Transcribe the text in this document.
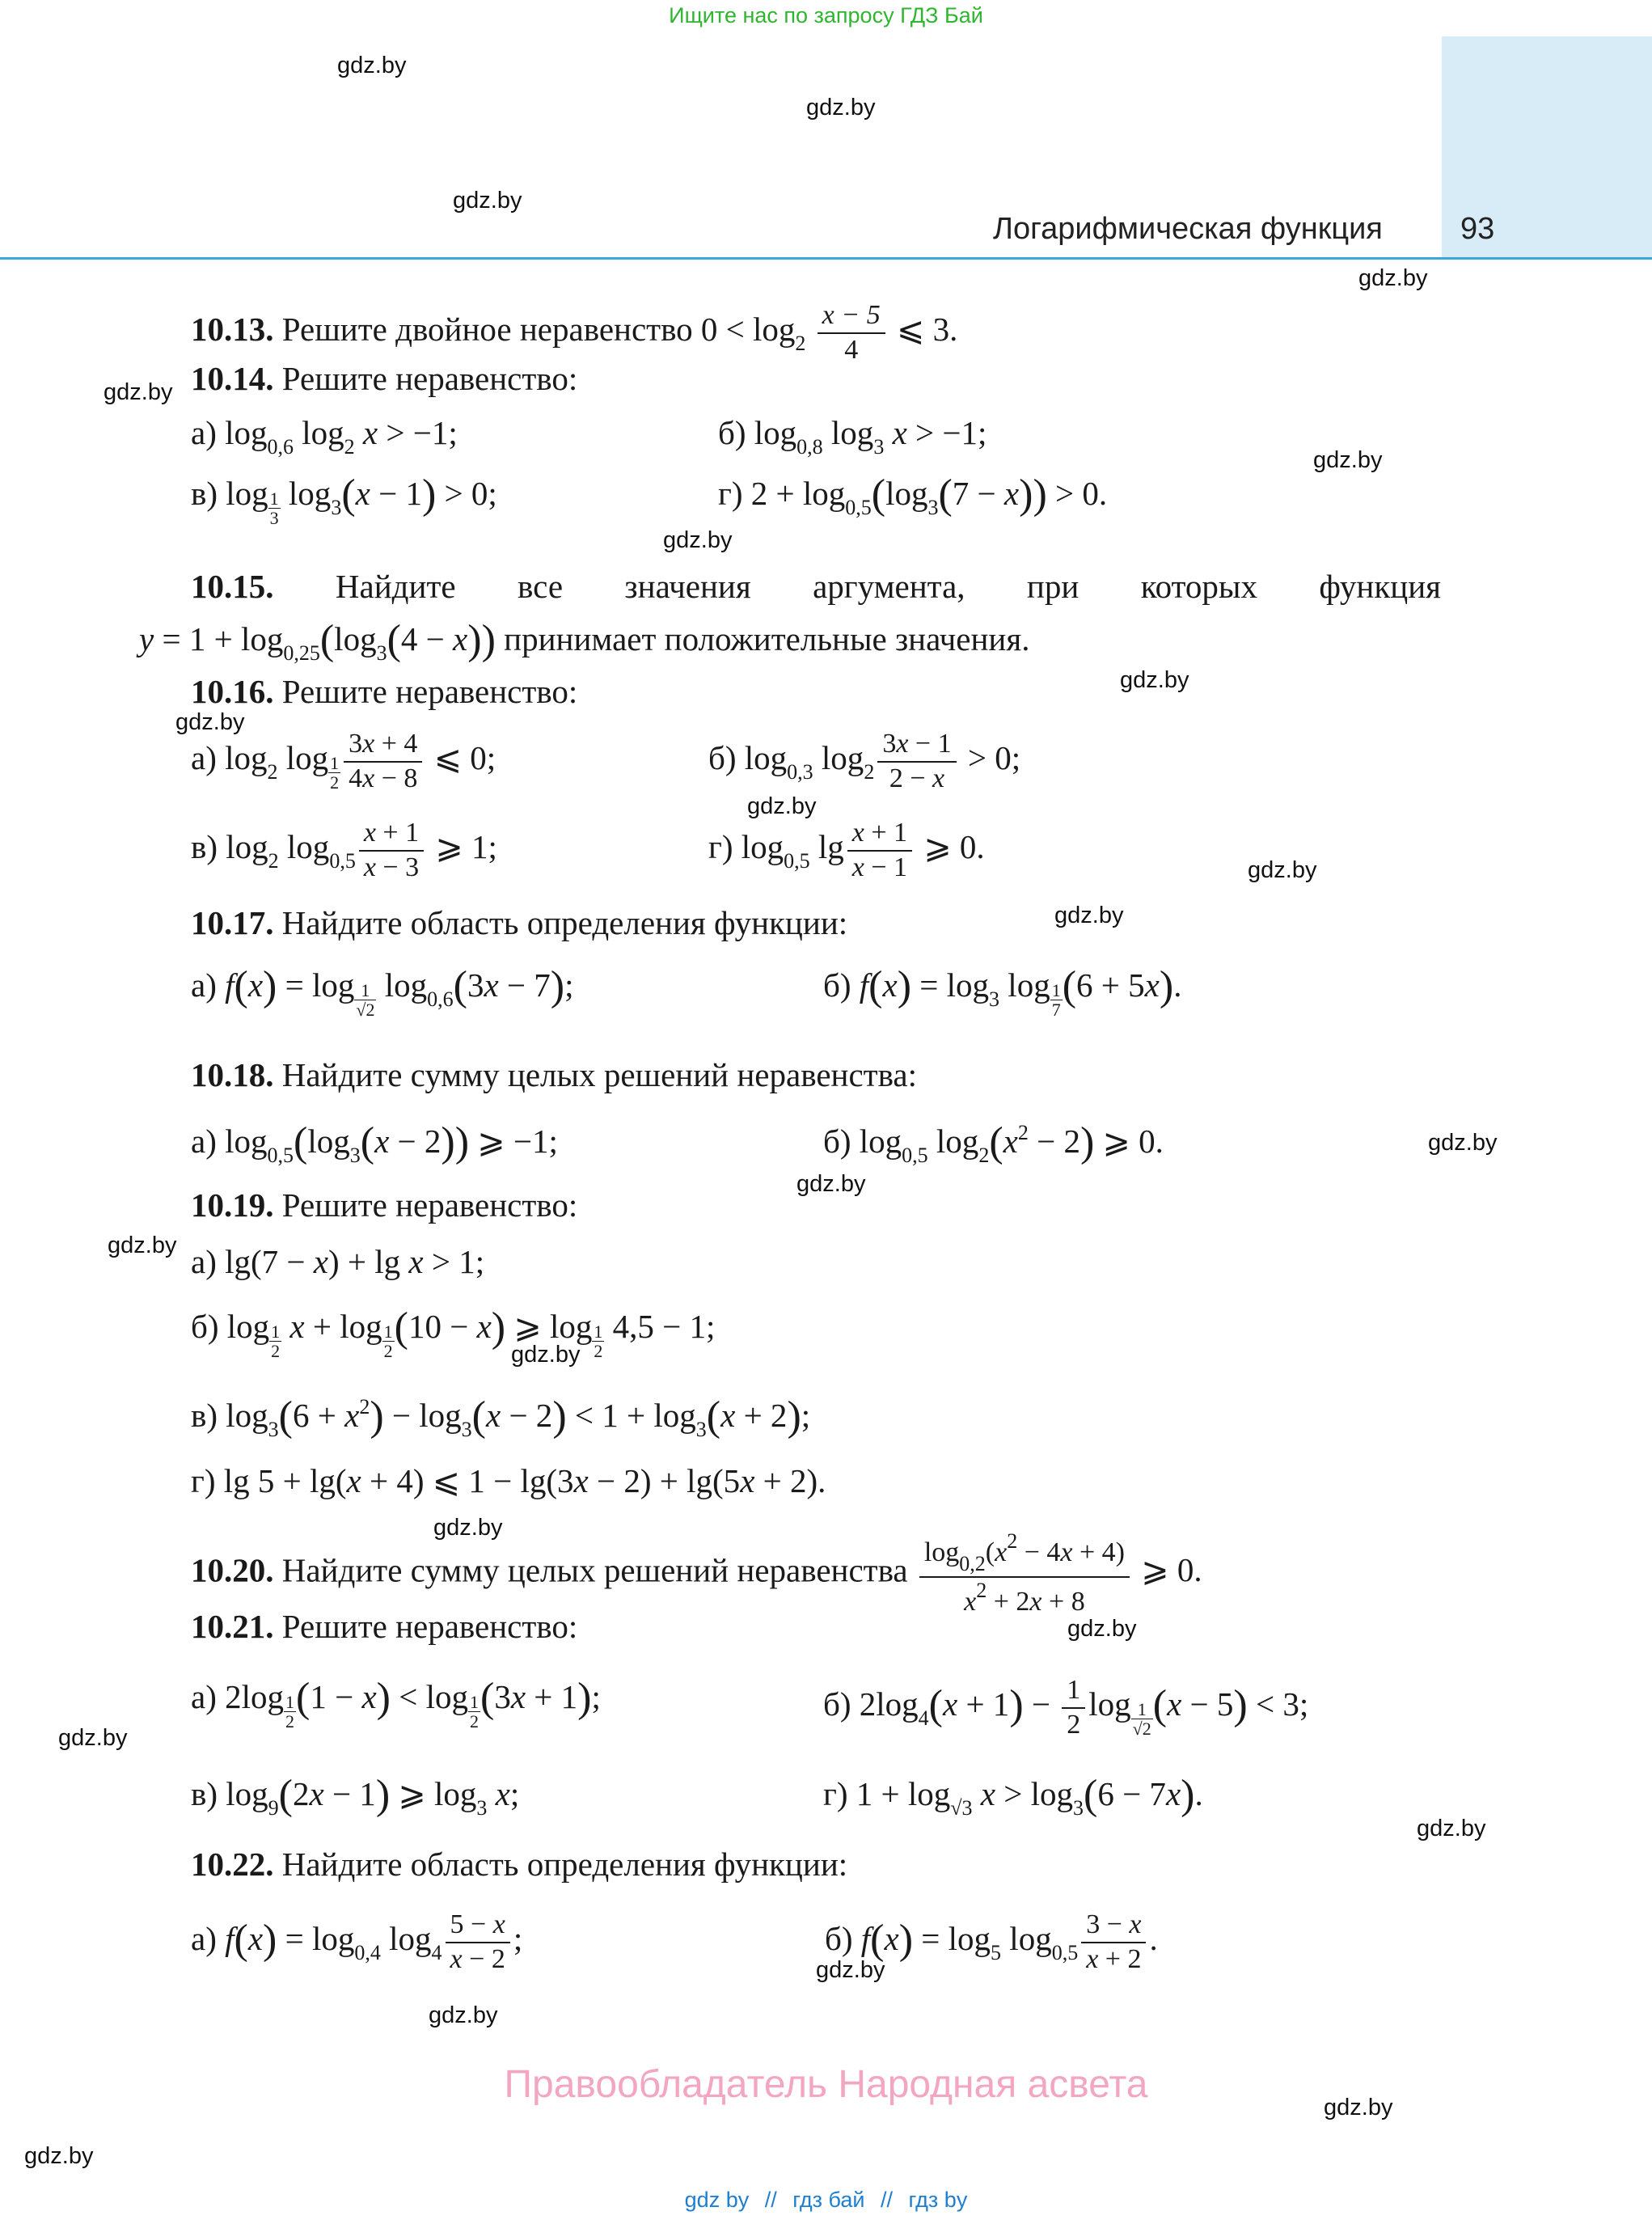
Ищите нас по запросу ГДЗ Бай
Логарифмическая функция	93
gdz.by
gdz.by
gdz.by
gdz.by
gdz.by
gdz.by
gdz.by
gdz.by
gdz.by
gdz.by
gdz.by
gdz.by
gdz.by
gdz.by
gdz.by
gdz.by
gdz.by
gdz.by
gdz.by
gdz.by
gdz.by
gdz.by
gdz.by
gdz.by
10.13. Решите двойное неравенство $0 < \log_2 \frac{x - 5}{4}$ ⩽ 3.
10.14. Решите неравенство:
а) $\log_{0,6} \log_2 x > -1$;	б) $\log_{0,8} \log_3 x > -1$;
в) $\log \frac{1}{3} \log_3(x - 1) > 0$;	г) $2 + \log_{0,5}(\log_3(7 - x)) > 0$.
10.15. Найдите все значения аргумента, при которых функция
$y = 1 + \log_{0,25}(\log_3(4 - x))$ принимает положительные значения.
10.16. Решите неравенство:
а) $\log_2 \log \frac{1}{2} \frac{3x + 4}{4x - 8}$ ⩽ 0;	б) $\log_{0,3} \log_2 \frac{3x - 1}{2 - x} > 0$;
в) $\log_2 \log_{0,5} \frac{x + 1}{x - 3}$ ⩾ 1;	г) $\log_{0,5} \lg \frac{x + 1}{x - 1}$ ⩾ 0.
10.17. Найдите область определения функции:
а) $f(x) = \log \frac{1}{√2} \log_{0,6}(3x - 7)$;	б) $f(x) = \log_3 \log \frac{1}{7} (6 + 5x)$.
10.18. Найдите сумму целых решений неравенства:
а) $\log_{0,5}(\log_3(x - 2))$ ⩾ −1;	б) $\log_{0,5} \log_2(x^2 - 2)$ ⩾ 0.
10.19. Решите неравенство:
а) lg(7 − x) + lg x > 1;
б) $\log \frac{1}{2}$ $x + \log \frac{1}{2} (10 - x)$ ⩾ $\log \frac{1}{2} 4,5 - 1$;
в) $\log_3(6 + x^2) - \log_3(x - 2) < 1 + \log_3(x + 2)$;
г) lg 5 + lg(x + 4) ⩽ 1 − lg(3x − 2) + lg(5x + 2).
10.20. Найдите сумму целых решений неравенства $\frac{\log_{0,2}(x^2 - 4x + 4)}{x^2 + 2x + 8}$ ⩾ 0.
10.21. Решите неравенство:
а) $2\log \frac{1}{2} (1 - x) < \log \frac{1}{2} (3x + 1)$;	б) $2\log_4(x + 1) - \frac{1}{2}$ $\log \frac{1}{√2} (x - 5) < 3$;
в) $\log_9(2x - 1)$ ⩾ $\log_3 x$;	г) $1 + \log_{√3} x > \log_3(6 - 7x)$.
10.22. Найдите область определения функции:
а) $f(x) = \log_{0,4} \log_4 \frac{5 - x}{x - 2}$ ;	б) $f(x) = \log_5 \log_{0,5} \frac{3 - x}{x + 2}$ .
Правообладатель Народная асвета
gdz by // гдз бай // гдз by
